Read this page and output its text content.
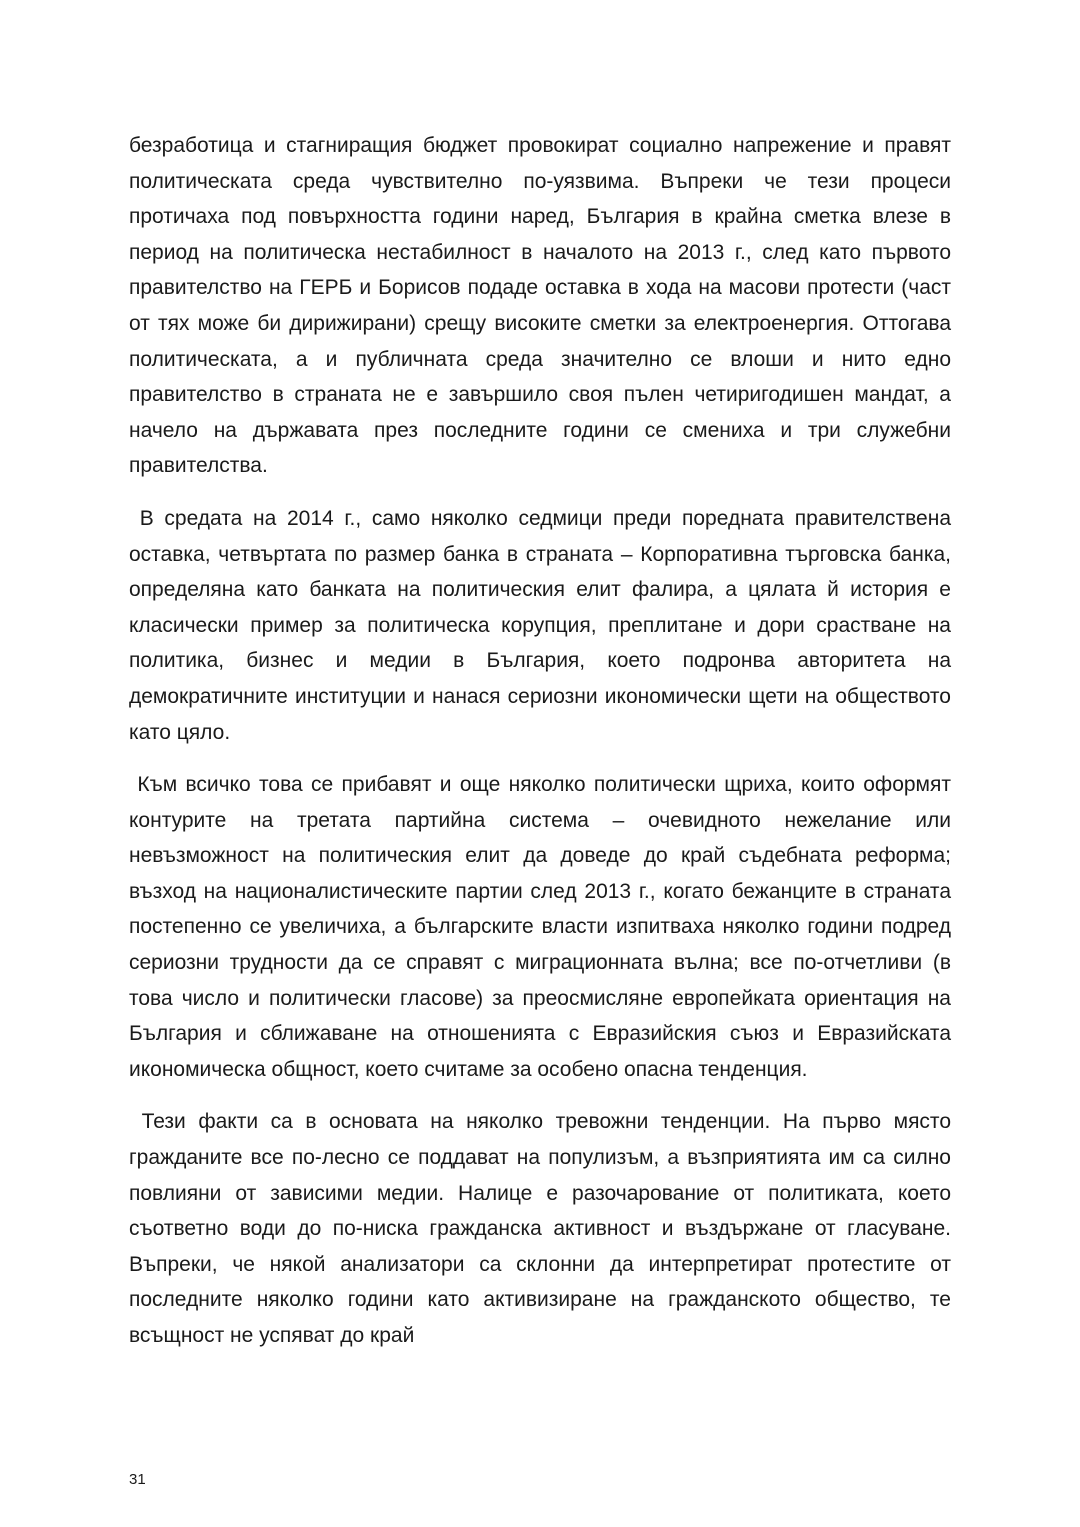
безработица и стагниращия бюджет провокират социално напрежение и правят политическата среда чувствително по-уязвима. Въпреки че тези процеси протичаха под повърхността години наред, България в крайна сметка влезе в период на политическа нестабилност в началото на 2013 г., след като първото правителство на ГЕРБ и Борисов подаде оставка в хода на масови протести (част от тях може би дирижирани) срещу високите сметки за електроенергия. Оттогава политическата, а и публичната среда значително се влоши и нито едно правителство в страната не е завършило своя пълен четиригодишен мандат, а начело на държавата през последните години се смениха и три служебни правителства.

В средата на 2014 г., само няколко седмици преди поредната правителствена оставка, четвъртата по размер банка в страната – Корпоративна търговска банка, определяна като банката на политическия елит фалира, а цялата й история е класически пример за политическа корупция, преплитане и дори срастване на политика, бизнес и медии в България, което подронва авторитета на демократичните институции и нанася сериозни икономически щети на обществото като цяло.

Към всичко това се прибавят и още няколко политически щриха, които оформят контурите на третата партийна система – очевидното нежелание или невъзможност на политическия елит да доведе до край съдебната реформа;  възход на националистическите партии след 2013 г., когато бежанците в страната постепенно се увеличиха, а българските власти изпитваха няколко години подред сериозни трудности да се справят с миграционната вълна; все по-отчетливи (в това число и политически гласове) за преосмисляне европейката ориентация на България и сближаване на отношенията с Евразийския съюз и Евразийската икономическа общност, което считаме за особено опасна тенденция.

Тези факти са в основата на няколко тревожни тенденции. На първо място гражданите все по-лесно се поддават на популизъм, а възприятията им са силно повлияни от зависими медии. Налице е разочарование от политиката, което съответно води до по-ниска гражданска активност и въздържане от гласуване. Въпреки, че някой анализатори са склонни да интерпретират протестите от последните няколко години като активизиране на гражданското общество, те всъщност не успяват до край

31
